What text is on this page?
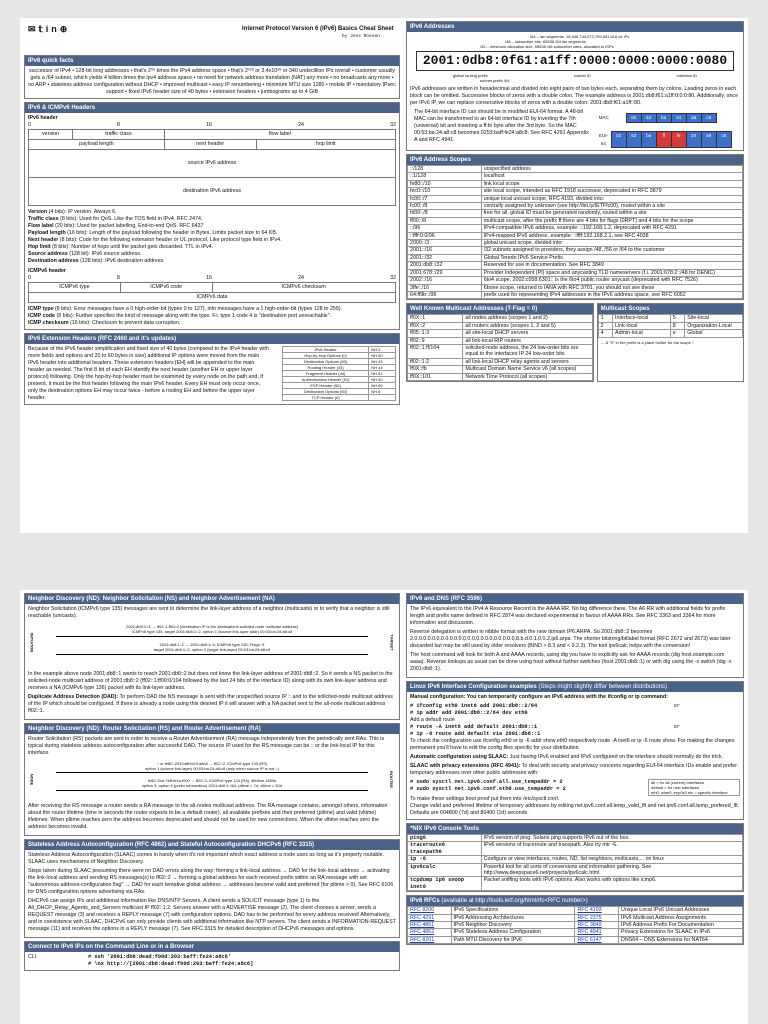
✉𝕥in⊕	Internet Protocol Version 6 (IPv6) Basics Cheat Sheet
by Jens Roesen
IPv6 quick facts
successor of IPv4 • 128-bit long addresses • that's 2⁹⁶ times the IPv4 address space • that's 2¹²⁸ or 3.4x10³⁸ or 340 undecillion IPs overall • customer usually gets a /64 subnet, which yields 4 billion times the ipv4 address space • no need for network address translation (NAT) any more • no broadcasts any more • no ARP • stateless address configuration without DHCP • improved multicast • easy IP renumbering • minimum MTU size 1280 • mobile IP • mandatory IPsec support • fixed IPv6 header size of 40 bytes • extension headers • jumbograms up to 4 GiB
IPv6 & ICMPv6 Headers
IPv6 header
0	8	16	24	32
version	traffic class	flow label	
payload length		next header	hop limit
source IPv6 address			
destination IPv6 address			
Version (4 bits): IP version. Always 6.
Traffic class (8 bits): Used for QoS. Like the TOS field in IPv4. RFC 2474.
Flow label (20 bits): Used for packet labelling, End-to-end QoS. RFC 6437
Payload length (16 bits): Length of the payload following the header in Bytes. Limits packet size to 64 KB.
Next header (8 bits): Code for the following extension header or UL protocol. Like protocol type field in IPv4.
Hop limit (8 bits): Number of hops until the packet gets discarded. TTL in IPv4.
Source address (128 bit): IPv6 source address.
Destination address (128 bits): IPv6 destination address.
ICMPv6 header
0	8	16	24	32
ICMPv6 type	ICMPv6 code	ICMPv6 checksum
ICMPv6 data
ICMP type (8 bits): Error messages have a 0 high-order-bit (types 0 to 127), info messages have a 1 high-order-bit (types 128 to 255).
ICMP code (8 bits): Further specifies the kind of message along with the type. F.i. type 1 code 4 is "destination port unreachable".
ICMP checksum (16 bits): Checksum to prevent data corruption.
IPv6 Extension Headers (RFC 2460 and it's updates)
Because of the IPv6 header simplification and fixed size of 40 bytes (compared to the IPv4 header with more fields and options and 20 to 60 bytes in size) additional IP options were moved from the main IPv6 header into additional headers. These extension headers [EH] will be appended to the main header as needed. The first 8 bit of each EH identify the next header (another EH or upper layer protocol) following. Only the hop-by-hop header must be examined by every node on the path and, if present, it must be the first header following the main IPv6 header. Every EH must only occur once, only the destination options EH may occur twice - before a routing EH and before the upper layer header.
IPv6 Header	NH 0
Hop-by-Hop Options (0)	NH 60
Destination Options (60)	NH 43
Routing Header (43)	NH 44
Fragment Header (44)	NH 51
Authentication Header (51)	NH 50
ESP Header (50)	NH 60
Destination Options (60)	NH 6
TCP Header (6)	
IPv6 Addresses
/64 – lan segments, 18,446,744,073,709,551,616 v6 IPs
/48 – subscriber site, 65536 /64 lan segments
/32 – minimum allocation size, 65536 /48 subscriber sites, allocated to ISPs
2001:0db8:0f61:a1ff:0000:0000:0000:0080
global routing prefix	subnet ID	interface ID
subnet prefix /64

IPv6 addresses are written in hexadecimal and divided into eight pairs of two bytes each, separating them by colons. Leading zeros in each block can be omitted. Successive blocks of zeros with a double colon. The example address is 2001:db8:f61:a1ff:0:0:0:80. Additionally, once per IPv6 IP, we can replace consecutive blocks of zeros with a double colon: 2001:db8:f61:a1ff::80.

The 64-bit interface ID can should be in modified EUI-64 format. A 48-bit MAC can be transformed to an 64-bit interface ID by inverting the 7th (universal) bit and inserting a ff:fe byte after the 3rd byte. So the MAC 00:53:ba:24:a8:c8 becomes 0253:baff:fe24:a8c8. See RFC 4291 Appendix A and RFC 4941.
MAC		00	53	ba	24	a8	c8
EUI-64	02	53	ba	ff	fe	24	a8	c8
IPv6 Address Scopes
::/128	unspecified address
::1/128	localhost
fe80::/10	link local scope
fec0::/10	site local scope, intended as RFC 1918 successor, deprecated in RFC 3879
fc00::/7	unique local unicast scope, RFC 4193, divided into:
fc00::/8	centrally assigned by unknown (see http://bit.ly/IETFfc00), routed within a site
fd00::/8	free for all, global ID must be generated randomly, routed within a site
ff00::/8	multicast scope, after the prefix ff there are 4 bits for flags (0RPT) and 4 bits for the scope
::/96	IPv4-compatible IPv6 address, example: ::192.168.1.2, deprecated with RFC 4291
::ffff:0:0/96	IPv4-mapped IPv6 address, example: ::ffff:192.168.2.1, see RFC 4038
2000::/3	global unicast scope, divided into:
2001::/16	/32 subnets assigned to providers, they assign /48, /56 or /64 to the customer
2001::/32	Global Teredo IPv6 Service Prefix.
2001:db8::/32	Reserved for use in documentation. See RFC 3849
2001:678::/29	Provider Independent (PI) space and anycasting TLD nameservers (f.i. 2001:678:2::/48 for DENIC)
2002::/16	6to4 scope, 2002:c058:6301:: is the 6to4 public router anycast (deprecated with RFC 7526)
3ffe::/16	6bone scope, returned to IANA with RFC 3701, you should not see these
64:ff9b::/96	prefix used for representing IPv4 addresses in the IPv6 address space, see RFC 6052
Well Known Multicast Addresses (T-Flag = 0)
ff0X::1	all nodes address (scopes 1 and 2)
ff0X::2	all routers address (scopes 1, 2 and 5)
ff05::1:3	all site-local DHCP servers
ff02::9	all link-local RIP routers
ff02::1:ff/104	solicited-node address, the 24 low-order bits are equal to the interfaces IP 24 low-order bits
ff02::1:2	all link-local DHCP relay agents and servers
ff0X::fb	Multicast Domain Name Service v6 (all scopes)
ff0X::101	Network Time Protocol (all scopes)
Multicast Scopes
1	Interface-local	5	Site-local
2	Link-local	8	Organization-Local
4	Admin-local	e	Global
← A "X" in the prefix is a place holder for the scope ↑
Neighbor Discovery (ND): Neighbor Solicitation (NS) and Neighbor Advertisement (NA)

Neighbor Solicitation (ICMPv6 type 135) messages are sent to determine the link-layer address of a neighbor (multicasts) or to verify that a neighbor is still reachable (unicasts).

INITIATOR	TARGET
2001:db8:1::4 → ff02::1:ff00:2 (destination IP is the destinations solicited-node multicast address)
ICMPv6 type 135, target 2001:db8:1::2, option 1 (source link-layer addr) 00:03:ba:24:a8:c8
2001:db8:1::2 → 2001:db8:1::4, ICMPv6 type 136, Flags: S
target 2001:db8:1::2, option 2 (target link-layer) 00:03:ba:24:a8:c9

In the example above node 2001:db8::1 wants to reach 2001:db8::2 but does not know the link-layer address of 2001:db8::2. So it sends a NS packet to the solicited-node multicast address of 2001:db8::2 (ff02::1:ff00:0/104 followed by the last 24 bits of the interface ID) along with its own link-layer address and receives a NA (ICMPv6 type 136) packet with its link-layer address.

Duplicate Address Detection (DAD): To perform DAD the NS message is sent with the unspecified source IP :: and to the solicited-node multicast address of the IP which should be configured. If there is already a node using this desired IP it will answer with a NA packet sent to the all-node multicast address ff02::1.

Neighbor Discovery (ND): Router Solicitation (RS) and Router Advertisement (RA)

Router Solicitation (RS) packets are sent in order to receive a Router Advertisement (RA) message independently from the periodically sent RAs. This is typical during stateless address autoconfiguration after successful DAD. The source IP used for the RS message can be :: or the link-local IP for this interface.

NODE	ROUTER
:: or fe80::203:baff:fe24:a8c8 → ff02::2, ICMPv6 type 133 (RS)
option 1 (source link-layer) 00:03:ba:24:a8:c8 (only when source IP is not ::)
fe80::2ce:7bff:fe1a:f000 → ff02::1, ICMPv6 type 134 (RA), lifetime 1800s
option 3, option 5 (prefix information) 2001:db8:1::/64, pltime = 7d, vltime = 30d

After receiving the RS message a router sends a RA message to the all-nodes multicast address. The RA message contains, amongst others, information about the router lifetime (time in seconds the router expects to be a default router), all available prefixes and their preferred (pltime) and valid (vltime) lifetimes. When pltime reaches zero the address becomes deprecated and should not be used for new connections. When the vltime reaches zero the address becomes invalid.

Stateless Address Autoconfiguration (RFC 4862) and Stateful Autoconfiguration DHCPv6 (RFC 3315)

Stateless Address Autoconfiguration (SLAAC) comes in handy when it's not important which exact address a node uses as long as it's properly routable. SLAAC uses mechanisms of Neighbor Discovery.

Steps taken during SLAAC presuming there were no DAD errors along the way: forming a link-local address → DAD for the link-local address → activating the link-local address and sending RS messages(s) to ff02::2 → forming a global address for each received prefix within an RA message with set "autonomous address-configuration flag" → DAD for each tentative global address → addresses become valid and preferred (for pltime > 0). See RFC 6106 for DNS configuration options advertising via RAs.

DHCPv6 can assign IPs and additional information like DNS/NTP Servers. A client sends a SOLICIT message (type 1) to the All_DHCP_Relay_Agents_and_Servers multicast IP ff02::1:2. Servers answer with a ADVERTISE message (2). The client chooses a server, sends a REQUEST message (3) and receives a REPLY message (7) with configuration options. DAD has to be performed for every address received! Alternatively, and in coexistence with SLAAC, DHCPv6 can only provide clients with additional information like NTP servers. The client sends a INFORMATION-REQUEST message (11) and receives the options in a REPLY message (7). See RFC 3315 for detailed description of DHCPv6 messages and options.

Connect to IPv6 IPs on the Command Line or in a Browser
CLI	# ssh '2001:db8:dead:f00d:203:baff:fe24:a8c6'
# \nx http://[2001:db8:dead:f00d:203:baff:fe24:a8c6]
IPv6 and DNS (RFC 3596)

The IPv6 equivalent to the IPv4 A Resource Record is the AAAA RR. No big difference there. The A6 RR with additional fields for prefix length and prefix name defined in RFC 2874 was declared experimental in favour of AAAA RRs. See RFC 3363 and 3364 for more information and discussion.

Reverse delegation is written in nibble format with the new domain IP6.ARPA. So 2001:db8::2 becomes 2.0.0.0.0.0.0.0.0.0.0.0.0.0.0.0.0.0.0.0.0.0.0.0.8.b.d.0.1.0.0.2.ip6.arpa. The shorter bitstring/bitlabel format (RFC 2672 and 2673) was later discarded but may be still used by older resolvers (BIND > 8.3 and < 9.2.3). The tool ipv6calc helps with the conversion!

The host command will look for both A and AAAA records, using dig you have to explicitly ask for AAAA records (dig host.example.com aaaa). Reverse lookups as usual can be done using host without further switches (host 2001:db8::1) or with dig using the -x switch (dig -x 2001:db8::1).

Linux IPv6 Interface Configuration examples (Steps might slightly differ between distributions)

Manual configuration: You can temporarily configure an IPv6 address with the ifconfig or ip command:

# ifconfig eth0 inet6 add 2001:db8::2/64	or
# ip addr add 2001:db8::2/64 dev eth0
Add a default route
# route -A inet6 add default 2001:db8::1	or
# ip -6 route add default via 2001:db8::1

To check the configuration use ifconfig eth0 or ip -6 addr show eth0 respectively route -A inet6 or ip -6 route show. For making the changes permanent you'll have to edit the config files specific for your distribution.

Automatic configuration using SLAAC: Just having IPv6 enabled and IPv6 configured on the interface should normally do the trick.

SLAAC with privacy extensions (RFC 4941): To deal with security and privacy concerns regarding EUI-64 interface IDs enable and prefer temporary addresses over other public addresses with:

# sudo sysctl net.ipv6.conf.all.use_tempaddr = 2
# sudo sysctl net.ipv6.conf.eth0.use_tempaddr = 2
all = for all (current) interfaces
default = for new interfaces
eth0, wlan0, enp0s3 etc = specific interface
To make these settings boot proof put them into /etc/sysctl.conf.
Change valid and preferred lifetime of temporary addresses by editing net.ipv6.conf.all.temp_valid_lft and net.ipv6.conf.all.temp_prefered_lft. Defaults are 604800 (7d) and 86400 (1d) seconds.
*NIX IPv6 Console Tools
ping6	IPv6 version of ping. Solaris ping supports IPv6 out of the box.
traceroute6 tracepath6	IPv6 versions of traceroute and tracepath. Also try mtr -6.
ip -6	Configure or view interfaces, routes, ND, list neighbors, multicasts,... on linux
ipv6calc	Powerful tool for all sorts of conversions and information gathering. See http://www.deepspace6.net/projects/ipv6calc.html
tcpdump ip6 snoop inet6	Packet sniffing tools with IPv6 options. Also works with options like icmp6.
IPv6 RFCs (available at http://tools.ietf.org/html/rfc<RFC number>)
RFC 8200	IPv6 Specifications	RFC 4193	Unique Local IPv6 Unicast Addresses
RFC 4291	IPv6 Addressing Architectures	RFC 2375	IPv6 Multicast Address Assignments
RFC 4861	IPv6 Neighbor Discovery	RFC 3849	IPv6 Address Prefix For Documentation
RFC 4862	IPv6 Stateless Address Configuration	RFC 4941	Privacy Extensions for SLAAC in IPv6
RFC 8201	Path MTU Discovery for IPv6	RFC 6147	DNS64 – DNS Extensions for NAT64
